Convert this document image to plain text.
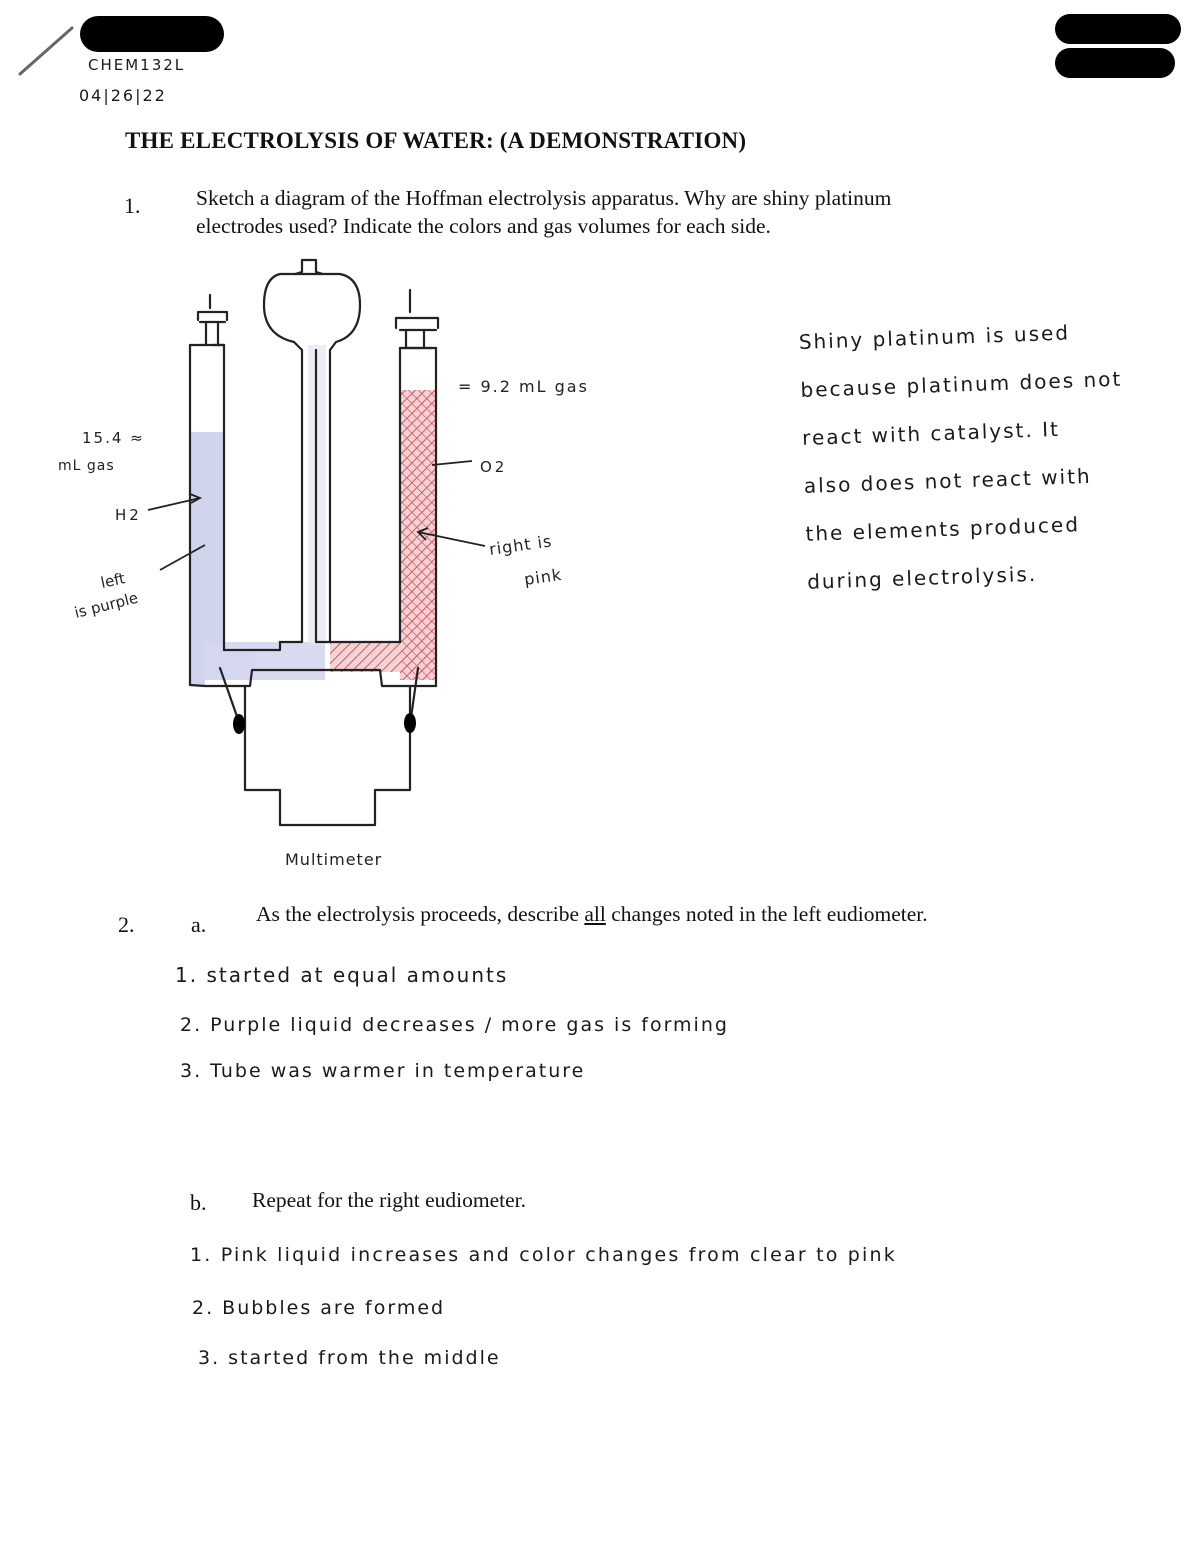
CHEM132L
04|26|22
THE ELECTROLYSIS OF WATER: (A DEMONSTRATION)
1.	Sketch a diagram of the Hoffman electrolysis apparatus. Why are shiny platinum
electrodes used? Indicate the colors and gas volumes for each side.
15.4 ≈
mL gas
H2
left
is purple
= 9.2 mL gas
O2
right is
pink
Multimeter
Shiny platinum is used
because platinum does not
react with catalyst. It
also does not react with
the elements produced
during electrolysis.
2.	a. As the electrolysis proceeds, describe all changes noted in the left eudiometer.
1. started at equal amounts
2. Purple liquid decreases / more gas is forming
3. Tube was warmer in temperature
b. Repeat for the right eudiometer.
1. Pink liquid increases and color changes from clear to pink
2. Bubbles are formed
3. started from the middle
